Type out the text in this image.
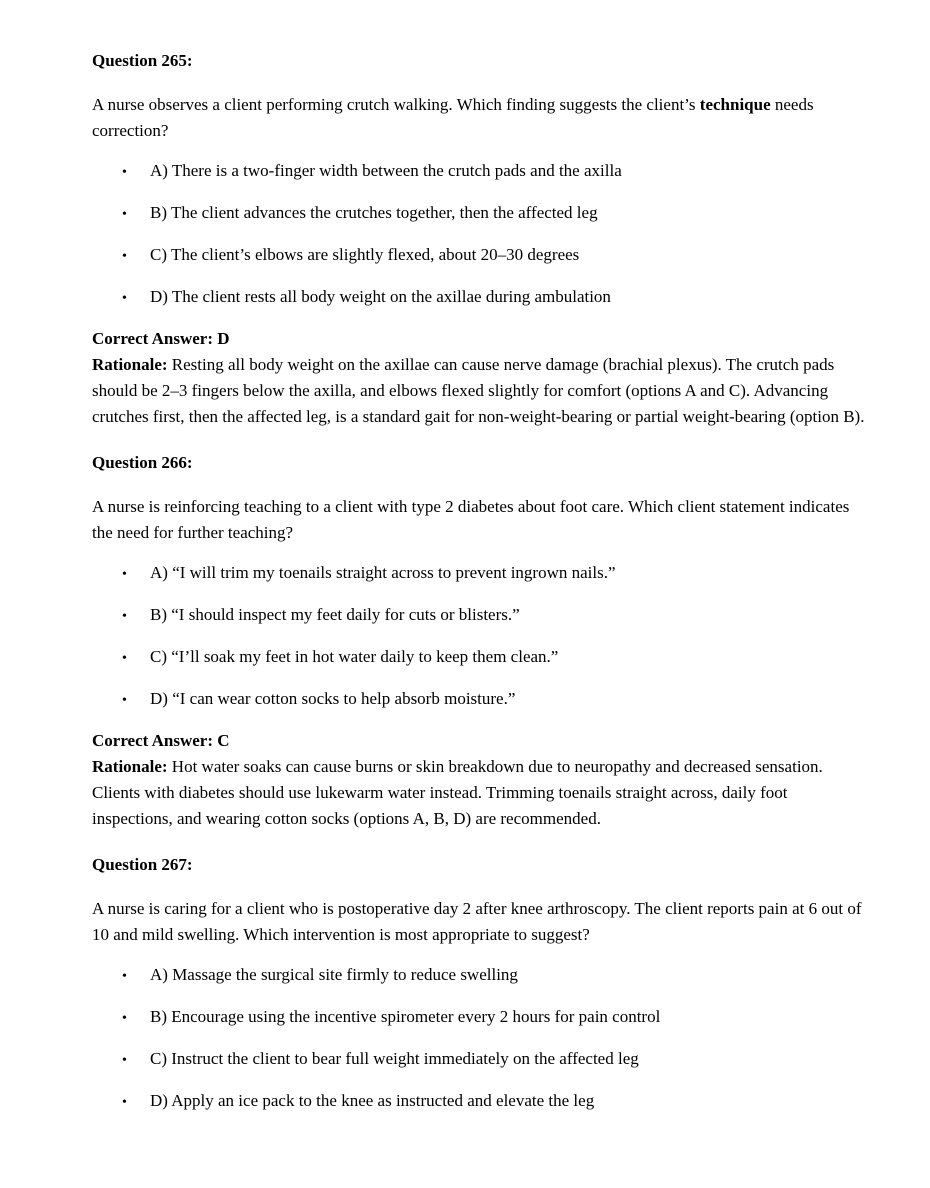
Question 265:

A nurse observes a client performing crutch walking. Which finding suggests the client’s technique needs correction?

• A) There is a two-finger width between the crutch pads and the axilla
• B) The client advances the crutches together, then the affected leg
• C) The client’s elbows are slightly flexed, about 20–30 degrees
• D) The client rests all body weight on the axillae during ambulation

Correct Answer: D
Rationale: Resting all body weight on the axillae can cause nerve damage (brachial plexus). The crutch pads should be 2–3 fingers below the axilla, and elbows flexed slightly for comfort (options A and C). Advancing crutches first, then the affected leg, is a standard gait for non-weight-bearing or partial weight-bearing (option B).

Question 266:

A nurse is reinforcing teaching to a client with type 2 diabetes about foot care. Which client statement indicates the need for further teaching?

• A) “I will trim my toenails straight across to prevent ingrown nails.”
• B) “I should inspect my feet daily for cuts or blisters.”
• C) “I’ll soak my feet in hot water daily to keep them clean.”
• D) “I can wear cotton socks to help absorb moisture.”

Correct Answer: C
Rationale: Hot water soaks can cause burns or skin breakdown due to neuropathy and decreased sensation. Clients with diabetes should use lukewarm water instead. Trimming toenails straight across, daily foot inspections, and wearing cotton socks (options A, B, D) are recommended.

Question 267:

A nurse is caring for a client who is postoperative day 2 after knee arthroscopy. The client reports pain at 6 out of 10 and mild swelling. Which intervention is most appropriate to suggest?

• A) Massage the surgical site firmly to reduce swelling
• B) Encourage using the incentive spirometer every 2 hours for pain control
• C) Instruct the client to bear full weight immediately on the affected leg
• D) Apply an ice pack to the knee as instructed and elevate the leg
